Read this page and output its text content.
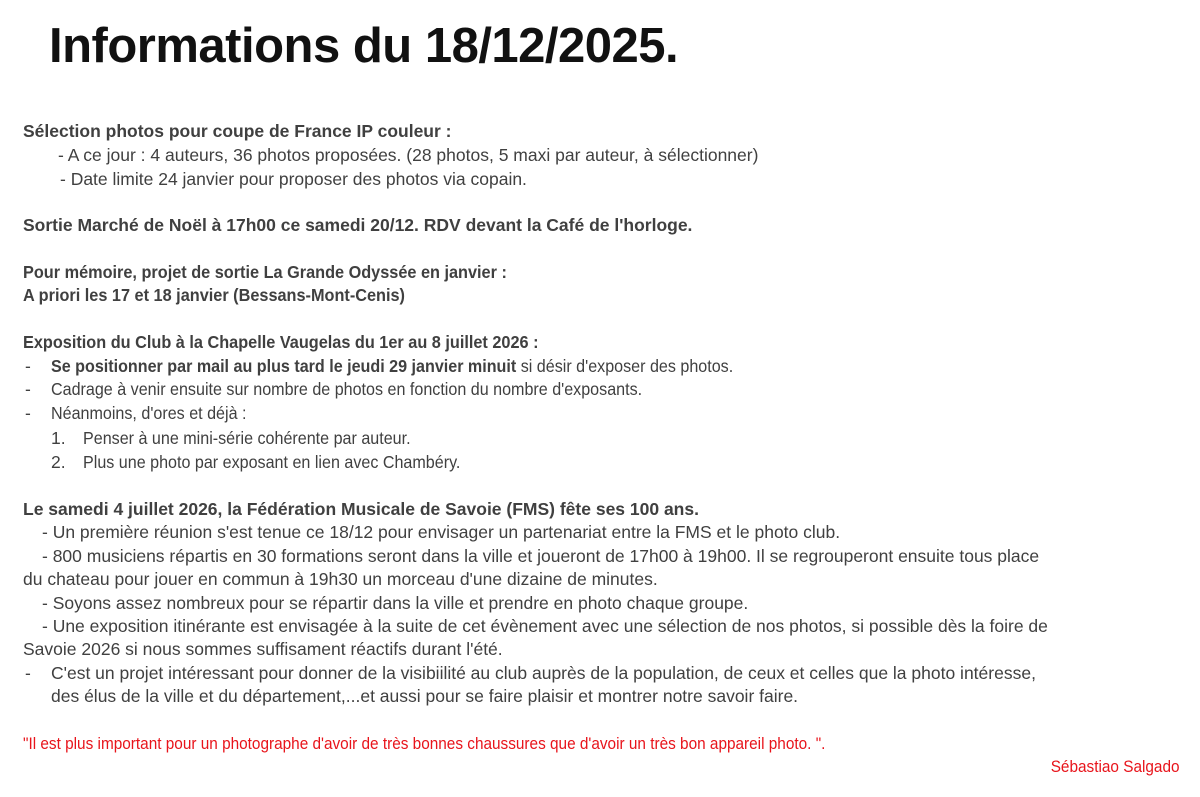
Informations du 18/12/2025.
Sélection photos pour coupe de France IP couleur :
- A ce jour : 4 auteurs, 36 photos proposées. (28 photos, 5 maxi par auteur, à sélectionner)
- Date limite 24 janvier pour proposer des photos via copain.
Sortie Marché de Noël à 17h00 ce samedi 20/12. RDV devant la Café de l'horloge.
Pour mémoire, projet de sortie La Grande Odyssée en janvier :
A priori les 17 et 18 janvier (Bessans-Mont-Cenis)
Exposition du Club à la Chapelle Vaugelas du 1er au 8 juillet 2026 :
- Se positionner par mail au plus tard le jeudi 29 janvier minuit si désir d'exposer des photos.
- Cadrage à venir ensuite sur nombre de photos en fonction du nombre d'exposants.
- Néanmoins, d'ores et déjà :
1. Penser à une mini-série cohérente par auteur.
2. Plus une photo par exposant en lien avec Chambéry.
Le samedi 4 juillet 2026, la Fédération Musicale de Savoie (FMS) fête ses 100 ans.
- Un première réunion s'est tenue ce 18/12 pour envisager un partenariat entre la FMS et le photo club.
- 800 musiciens répartis en 30 formations seront dans la ville et joueront de 17h00 à 19h00. Il se regrouperont ensuite tous place
du chateau pour jouer en commun à 19h30 un morceau d'une dizaine de minutes.
- Soyons assez nombreux pour se répartir dans la ville et prendre en photo chaque groupe.
- Une exposition itinérante est envisagée à la suite de cet évènement avec une sélection de nos photos, si possible dès la foire de
Savoie 2026 si nous sommes suffisament réactifs durant l'été.
- C'est un projet intéressant pour donner de la visibiilité au club auprès de la population, de ceux et celles que la photo intéresse,
des élus de la ville et du département,...et aussi pour se faire plaisir et montrer notre savoir faire.
"Il est plus important pour un photographe d'avoir de très bonnes chaussures que d'avoir un très bon appareil photo. ".
Sébastiao Salgado
